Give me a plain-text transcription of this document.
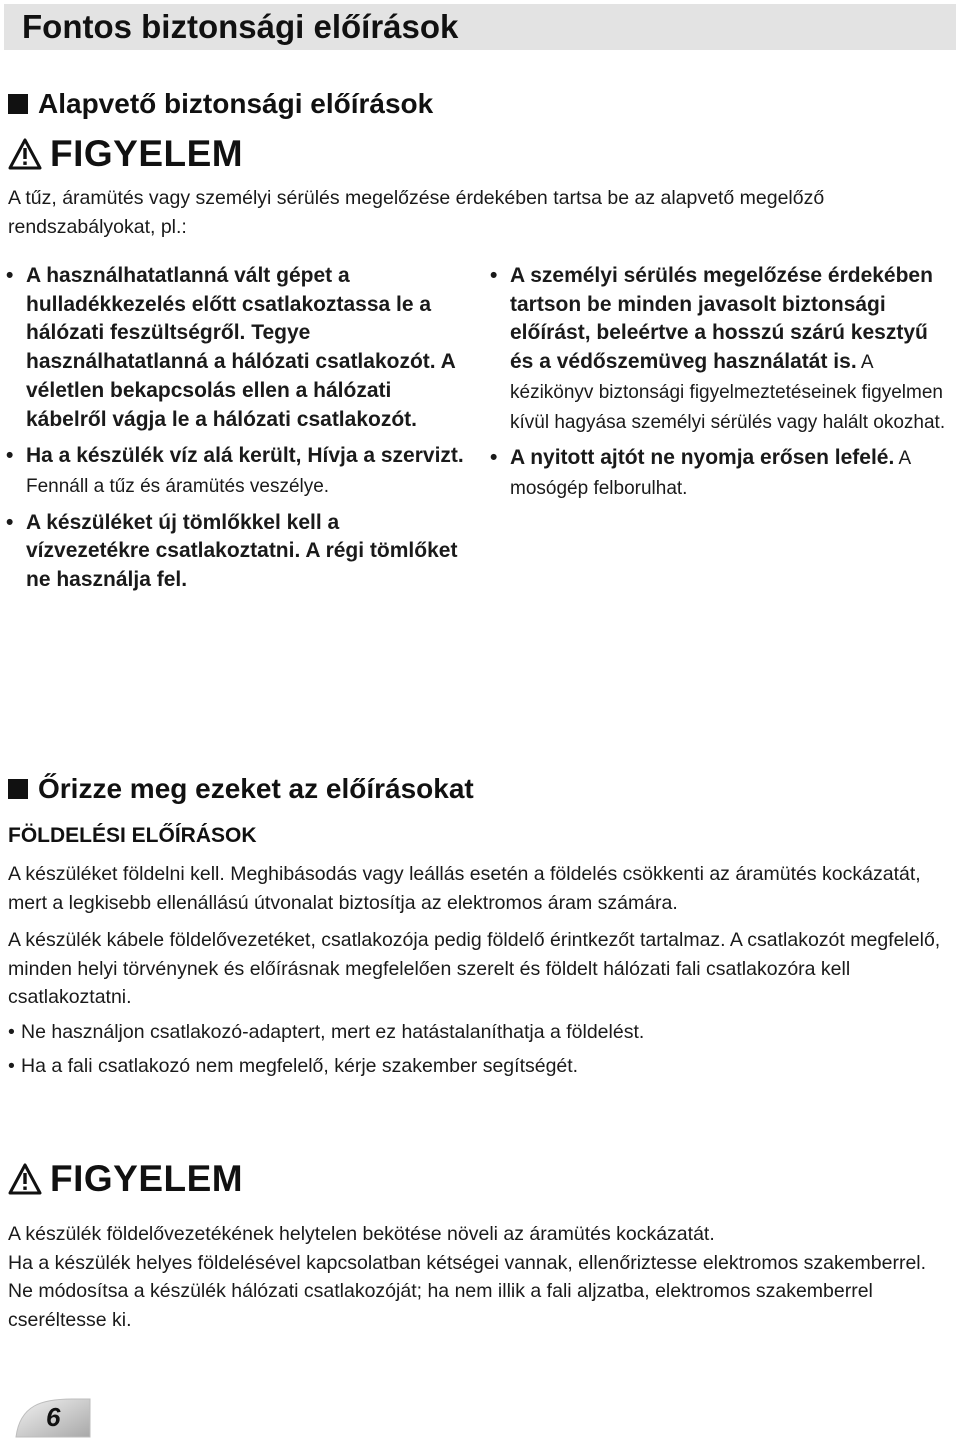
Fontos biztonsági előírások
Alapvető biztonsági előírások
FIGYELEM

A tűz, áramütés vagy személyi sérülés megelőzése érdekében tartsa be az alapvető megelőző rendszabályokat, pl.:

• A használhatatlanná vált gépet a hulladékkezelés előtt csatlakoztassa le a hálózati feszültségről. Tegye használhatatlanná a hálózati csatlakozót. A véletlen bekapcsolás ellen a hálózati kábelről vágja le a hálózati csatlakozót.
• Ha a készülék víz alá került, Hívja a szervizt. Fennáll a tűz és áramütés veszélye.
• A készüléket új tömlőkkel kell a vízvezetékre csatlakoztatni. A régi tömlőket ne használja fel.
• A személyi sérülés megelőzése érdekében tartson be minden javasolt biztonsági előírást, beleértve a hosszú szárú kesztyű és a védőszemüveg használatát is. A kézikönyv biztonsági figyelmeztetéseinek figyelmen kívül hagyása személyi sérülés vagy halált okozhat.
• A nyitott ajtót ne nyomja erősen lefelé. A mosógép felborulhat.
Őrizze meg ezeket az előírásokat
FÖLDELÉSI ELŐÍRÁSOK

A készüléket földelni kell. Meghibásodás vagy leállás esetén a földelés csökkenti az áramütés kockázatát, mert a legkisebb ellenállású útvonalat biztosítja az elektromos áram számára.

A készülék kábele földelővezetéket, csatlakozója pedig földelő érintkezőt tartalmaz. A csatlakozót megfelelő, minden helyi törvénynek és előírásnak megfelelően szerelt és földelt hálózati fali csatlakozóra kell csatlakoztatni.

• Ne használjon csatlakozó-adaptert, mert ez hatástalaníthatja a földelést.
• Ha a fali csatlakozó nem megfelelő, kérje szakember segítségét.
FIGYELEM

A készülék földelővezetékének helytelen bekötése növeli az áramütés kockázatát.
Ha a készülék helyes földelésével kapcsolatban kétségei vannak, ellenőriztesse elektromos szakemberrel. Ne módosítsa a készülék hálózati csatlakozóját; ha nem illik a fali aljzatba, elektromos szakemberrel cseréltesse ki.

6
